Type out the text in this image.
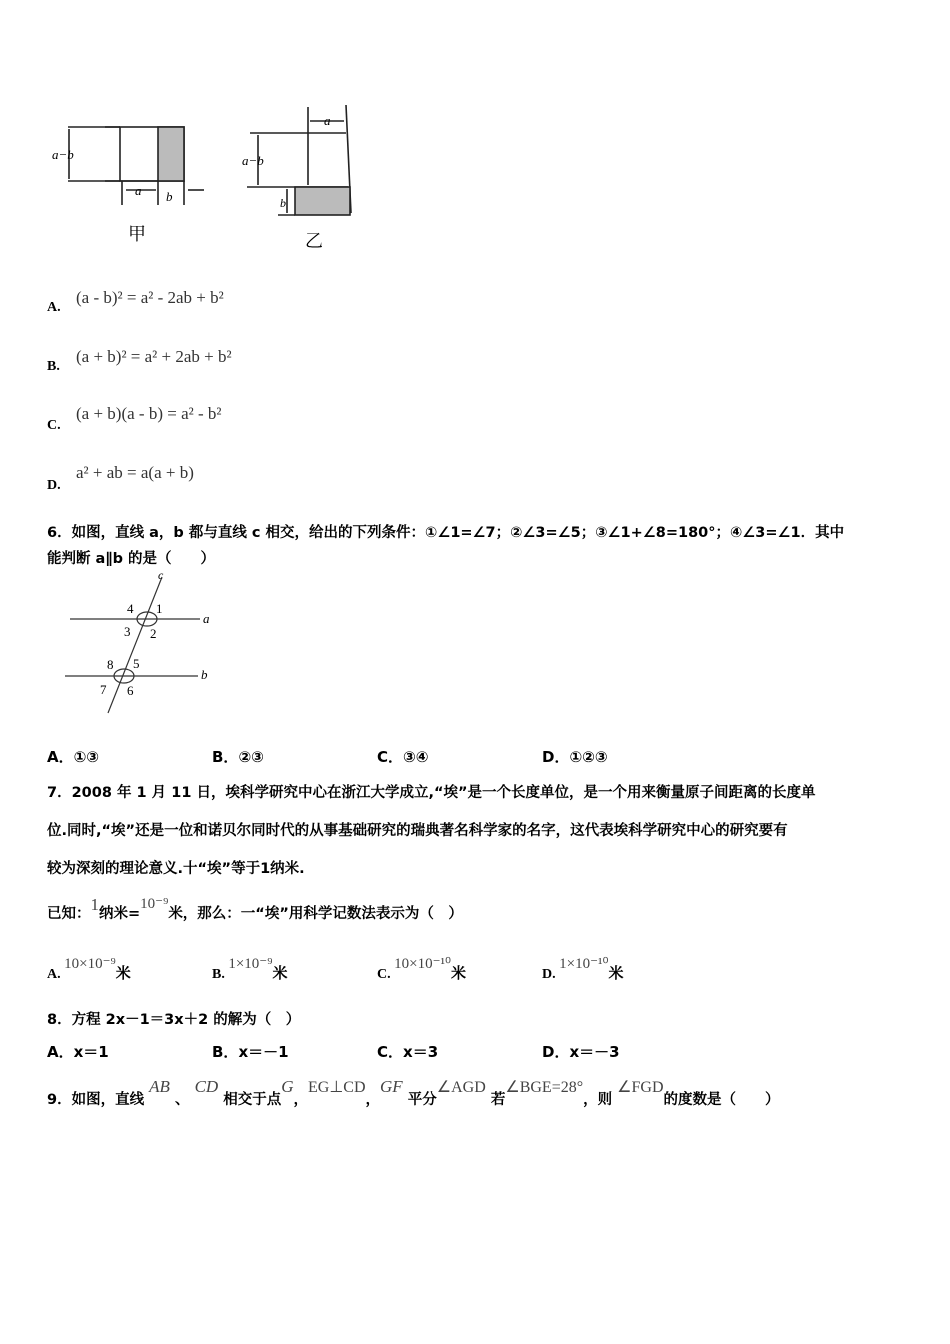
a−b
a b
甲
a−b
a
b
乙
A.
(a - b)² = a² - 2ab + b²
B.
(a + b)² = a² + 2ab + b²
C.
(a + b)(a - b) = a² - b²
D.
a² + ab = a(a + b)
6．如图，直线 a，b 都与直线 c 相交，给出的下列条件：①∠1=∠7；②∠3=∠5；③∠1+∠8=180°；④∠3=∠1．其中
能判断 a∥b 的是（　　）
c
a
b
4 1
3 2
8 5
7 6
A．①③	B．②③	C．③④	D．①②③
7．2008 年 1 月 11 日，埃科学研究中心在浙江大学成立,“埃”是一个长度单位，是一个用来衡量原子间距离的长度单
位.同时,“埃”还是一位和诺贝尔同时代的从事基础研究的瑞典著名科学家的名字，这代表埃科学研究中心的研究要有
较为深刻的理论意义.十“埃”等于1纳米.
已知：1纳米=10⁻⁹米，那么：一“埃”用科学记数法表示为（　）
A. 10×10⁻⁹米	B. 1×10⁻⁹米	C. 10×10⁻¹⁰米	D. 1×10⁻¹⁰米
8．方程 2x－1＝3x＋2 的解为（　）
A．x＝1	B．x＝－1	C．x＝3	D．x＝－3
9．如图，直线 AB 、 CD 相交于点G，EG⊥CD，GF 平分∠AGD 若∠BGE=28°，则 ∠FGD的度数是（　　）
